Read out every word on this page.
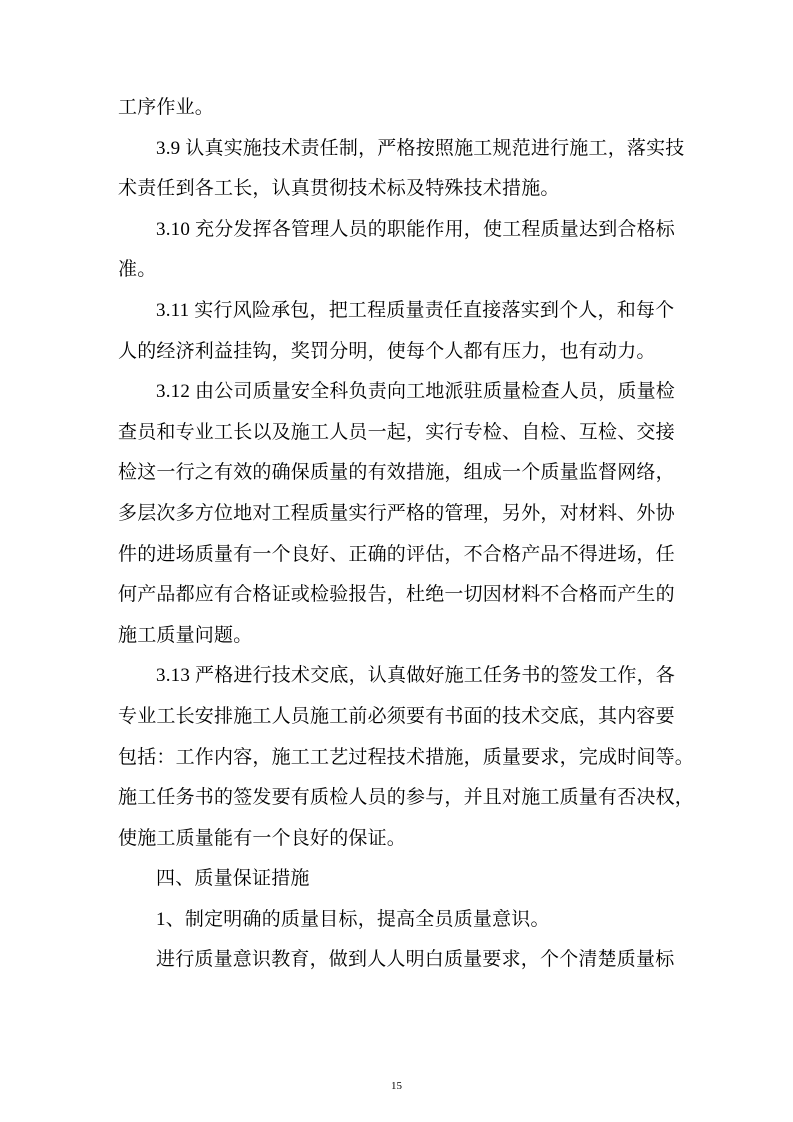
工序作业。
3.9 认真实施技术责任制，严格按照施工规范进行施工，落实技
术责任到各工长，认真贯彻技术标及特殊技术措施。
3.10 充分发挥各管理人员的职能作用，使工程质量达到合格标
准。
3.11 实行风险承包，把工程质量责任直接落实到个人，和每个
人的经济利益挂钩，奖罚分明，使每个人都有压力，也有动力。
3.12 由公司质量安全科负责向工地派驻质量检查人员，质量检
查员和专业工长以及施工人员一起，实行专检、自检、互检、交接
检这一行之有效的确保质量的有效措施，组成一个质量监督网络，
多层次多方位地对工程质量实行严格的管理，另外，对材料、外协
件的进场质量有一个良好、正确的评估，不合格产品不得进场，任
何产品都应有合格证或检验报告，杜绝一切因材料不合格而产生的
施工质量问题。
3.13 严格进行技术交底，认真做好施工任务书的签发工作，各
专业工长安排施工人员施工前必须要有书面的技术交底，其内容要
包括：工作内容，施工工艺过程技术措施，质量要求，完成时间等。
施工任务书的签发要有质检人员的参与，并且对施工质量有否决权，
使施工质量能有一个良好的保证。
四、质量保证措施
1、制定明确的质量目标，提高全员质量意识。
进行质量意识教育，做到人人明白质量要求，个个清楚质量标
15
